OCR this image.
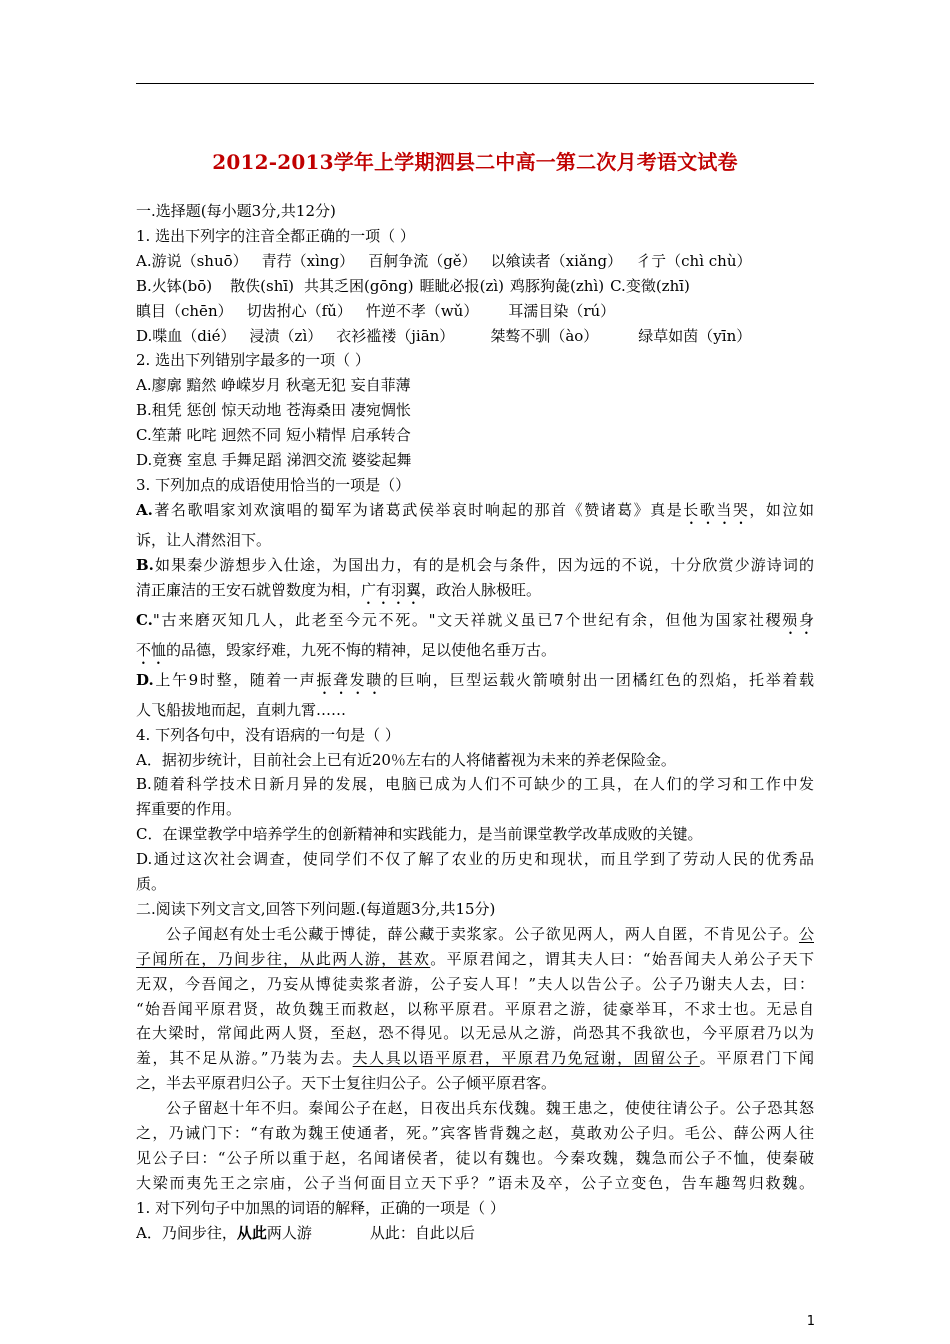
2012-2013学年上学期泗县二中高一第二次月考语文试卷
一.选择题(每小题3分,共12分)
1. 选出下列字的注音全都正确的一项（ ）
A.游说（shuō） 青荇（xìng） 百舸争流（gě） 以飨读者（xiǎng） 彳亍（chì chù）
B.火钵(bō) 散佚(shī) 共其乏困(gōng) 睚眦必报(zì) 鸡豚狗彘(zhì) C.变徵(zhī)
瞋目（chēn） 切齿拊心（fǔ） 忤逆不孝（wǔ） 耳濡目染（rú）
D.喋血（dié） 浸渍（zì） 衣衫褴褛（jiān） 桀骜不驯（ào）	绿草如茵（yīn）
2. 选出下列错别字最多的一项（ ）
A.廖廓 黯然 峥嵘岁月 秋毫无犯 妄自菲薄
B.租凭 惩创 惊天动地 苍海桑田 凄宛惆怅
C.笙萧 叱咤 迥然不同 短小精悍 启承转合
D.竟赛 室息 手舞足蹈 涕泗交流 婆娑起舞
3. 下列加点的成语使用恰当的一项是（）
A.著名歌唱家刘欢演唱的蜀军为诸葛武侯举哀时响起的那首《赞诸葛》真是长歌当哭，如泣如
诉，让人潸然泪下。
B.如果秦少游想步入仕途，为国出力，有的是机会与条件，因为远的不说，十分欣赏少游诗词的
清正廉洁的王安石就曾数度为相，广有羽翼，政治人脉极旺。
C."古来磨灭知几人，此老至今元不死。"文天祥就义虽已7个世纪有余，但他为国家社稷殒身
不恤的品德，毁家纾难，九死不悔的精神，足以使他名垂万古。
D.上午9时整，随着一声振聋发聩的巨响，巨型运载火箭喷射出一团橘红色的烈焰，托举着载
人飞船拔地而起，直刺九霄……
4. 下列各句中，没有语病的一句是（ ）
A．据初步统计，目前社会上已有近20％左右的人将储蓄视为未来的养老保险金。
B.随着科学技术日新月异的发展，电脑已成为人们不可缺少的工具，在人们的学习和工作中发
挥重要的作用。
C．在课堂教学中培养学生的创新精神和实践能力，是当前课堂教学改革成败的关键。
D.通过这次社会调查，使同学们不仅了解了农业的历史和现状，而且学到了劳动人民的优秀品
质。
二.阅读下列文言文,回答下列问题.(每道题3分,共15分)
公子闻赵有处士毛公藏于博徒，薛公藏于卖浆家。公子欲见两人，两人自匿，不肯见公子。公
子闻所在，乃间步往，从此两人游，甚欢。平原君闻之，谓其夫人曰：“始吾闻夫人弟公子天下
无双，今吾闻之，乃妄从博徒卖浆者游，公子妄人耳！”夫人以告公子。公子乃谢夫人去，曰：
“始吾闻平原君贤，故负魏王而救赵，以称平原君。平原君之游，徒豪举耳，不求士也。无忌自
在大梁时，常闻此两人贤，至赵，恐不得见。以无忌从之游，尚恐其不我欲也，今平原君乃以为
羞，其不足从游。”乃装为去。夫人具以语平原君，平原君乃免冠谢，固留公子。平原君门下闻
之，半去平原君归公子。天下士复往归公子。公子倾平原君客。
公子留赵十年不归。秦闻公子在赵，日夜出兵东伐魏。魏王患之，使使往请公子。公子恐其怒
之，乃诫门下：“有敢为魏王使通者，死。”宾客皆背魏之赵，莫敢劝公子归。毛公、薛公两人往
见公子曰：“公子所以重于赵，名闻诸侯者，徒以有魏也。今秦攻魏，魏急而公子不恤，使秦破
大梁而夷先王之宗庙，公子当何面目立天下乎？”语未及卒，公子立变色，告车趣驾归救魏。
1. 对下列句子中加黑的词语的解释，正确的一项是（ ）
A．乃间步往，从此两人游	从此：自此以后
1
